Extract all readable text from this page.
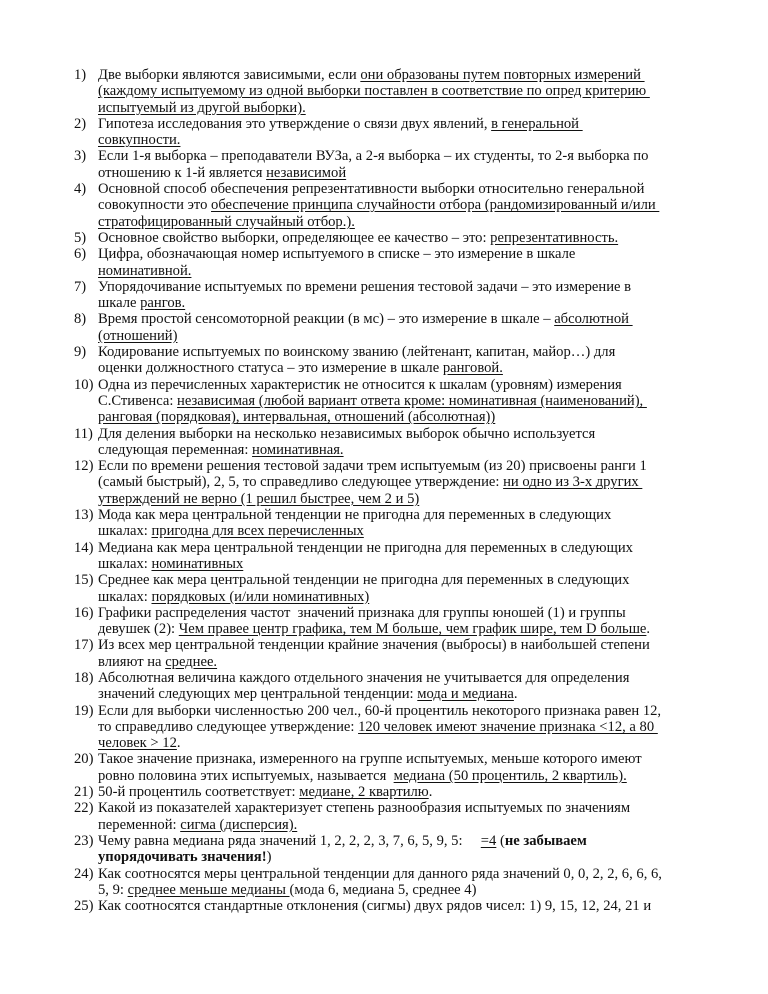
1) Две выборки являются зависимыми, если они образованы путем повторных измерений
(каждому испытуемому из одной выборки поставлен в соответствие по опред критерию
испытуемый из другой выборки).
2) Гипотеза исследования это утверждение о связи двух явлений, в генеральной
совкупности.
3) Если 1-я выборка – преподаватели ВУЗа, а 2-я выборка – их студенты, то 2-я выборка по
отношению к 1-й является независимой
4) Основной способ обеспечения репрезентативности выборки относительно генеральной
совокупности это обеспечение принципа случайности отбора (рандомизированный и/или
стратофицированный случайный отбор.).
5) Основное свойство выборки, определяющее ее качество – это: репрезентативность.
6) Цифра, обозначающая номер испытуемого в списке – это измерение в шкале
номинативной.
7) Упорядочивание испытуемых по времени решения тестовой задачи – это измерение в
шкале рангов.
8) Время простой сенсомоторной реакции (в мс) – это измерение в шкале – абсолютной
(отношений)
9) Кодирование испытуемых по воинскому званию (лейтенант, капитан, майор…) для
оценки должностного статуса – это измерение в шкале ранговой.
10) Одна из перечисленных характеристик не относится к шкалам (уровням) измерения
С.Стивенса: независимая (любой вариант ответа кроме: номинативная (наименований),
ранговая (порядковая), интервальная, отношений (абсолютная))
11) Для деления выборки на несколько независимых выборок обычно используется
следующая переменная: номинативная.
12) Если по времени решения тестовой задачи трем испытуемым (из 20) присвоены ранги 1
(самый быстрый), 2, 5, то справедливо следующее утверждение: ни одно из 3-х других
утверждений не верно (1 решил быстрее, чем 2 и 5)
13) Мода как мера центральной тенденции не пригодна для переменных в следующих
шкалах: пригодна для всех перечисленных
14) Медиана как мера центральной тенденции не пригодна для переменных в следующих
шкалах: номинативных
15) Среднее как мера центральной тенденции не пригодна для переменных в следующих
шкалах: порядковых (и/или номинативных)
16) Графики распределения частот  значений признака для группы юношей (1) и группы
девушек (2): Чем правее центр графика, тем М больше, чем график шире, тем D больше.
17) Из всех мер центральной тенденции крайние значения (выбросы) в наибольшей степени
влияют на среднее.
18) Абсолютная величина каждого отдельного значения не учитывается для определения
значений следующих мер центральной тенденции: мода и медиана.
19) Если для выборки численностью 200 чел., 60-й процентиль некоторого признака равен 12,
то справедливо следующее утверждение: 120 человек имеют значение признака <12, а 80
человек > 12.
20) Такое значение признака, измеренного на группе испытуемых, меньше которого имеют
ровно половина этих испытуемых, называется  медиана (50 процентиль, 2 квартиль).
21) 50-й процентиль соответствует: медиане, 2 квартилю.
22) Какой из показателей характеризует степень разнообразия испытуемых по значениям
переменной: сигма (дисперсия).
23) Чему равна медиана ряда значений 1, 2, 2, 2, 3, 7, 6, 5, 9, 5:     =4 (не забываем
упорядочивать значения!)
24) Как соотносятся меры центральной тенденции для данного ряда значений 0, 0, 2, 2, 6, 6, 6,
5, 9: среднее меньше медианы (мода 6, медиана 5, среднее 4)
25) Как соотносятся стандартные отклонения (сигмы) двух рядов чисел: 1) 9, 15, 12, 24, 21 и
